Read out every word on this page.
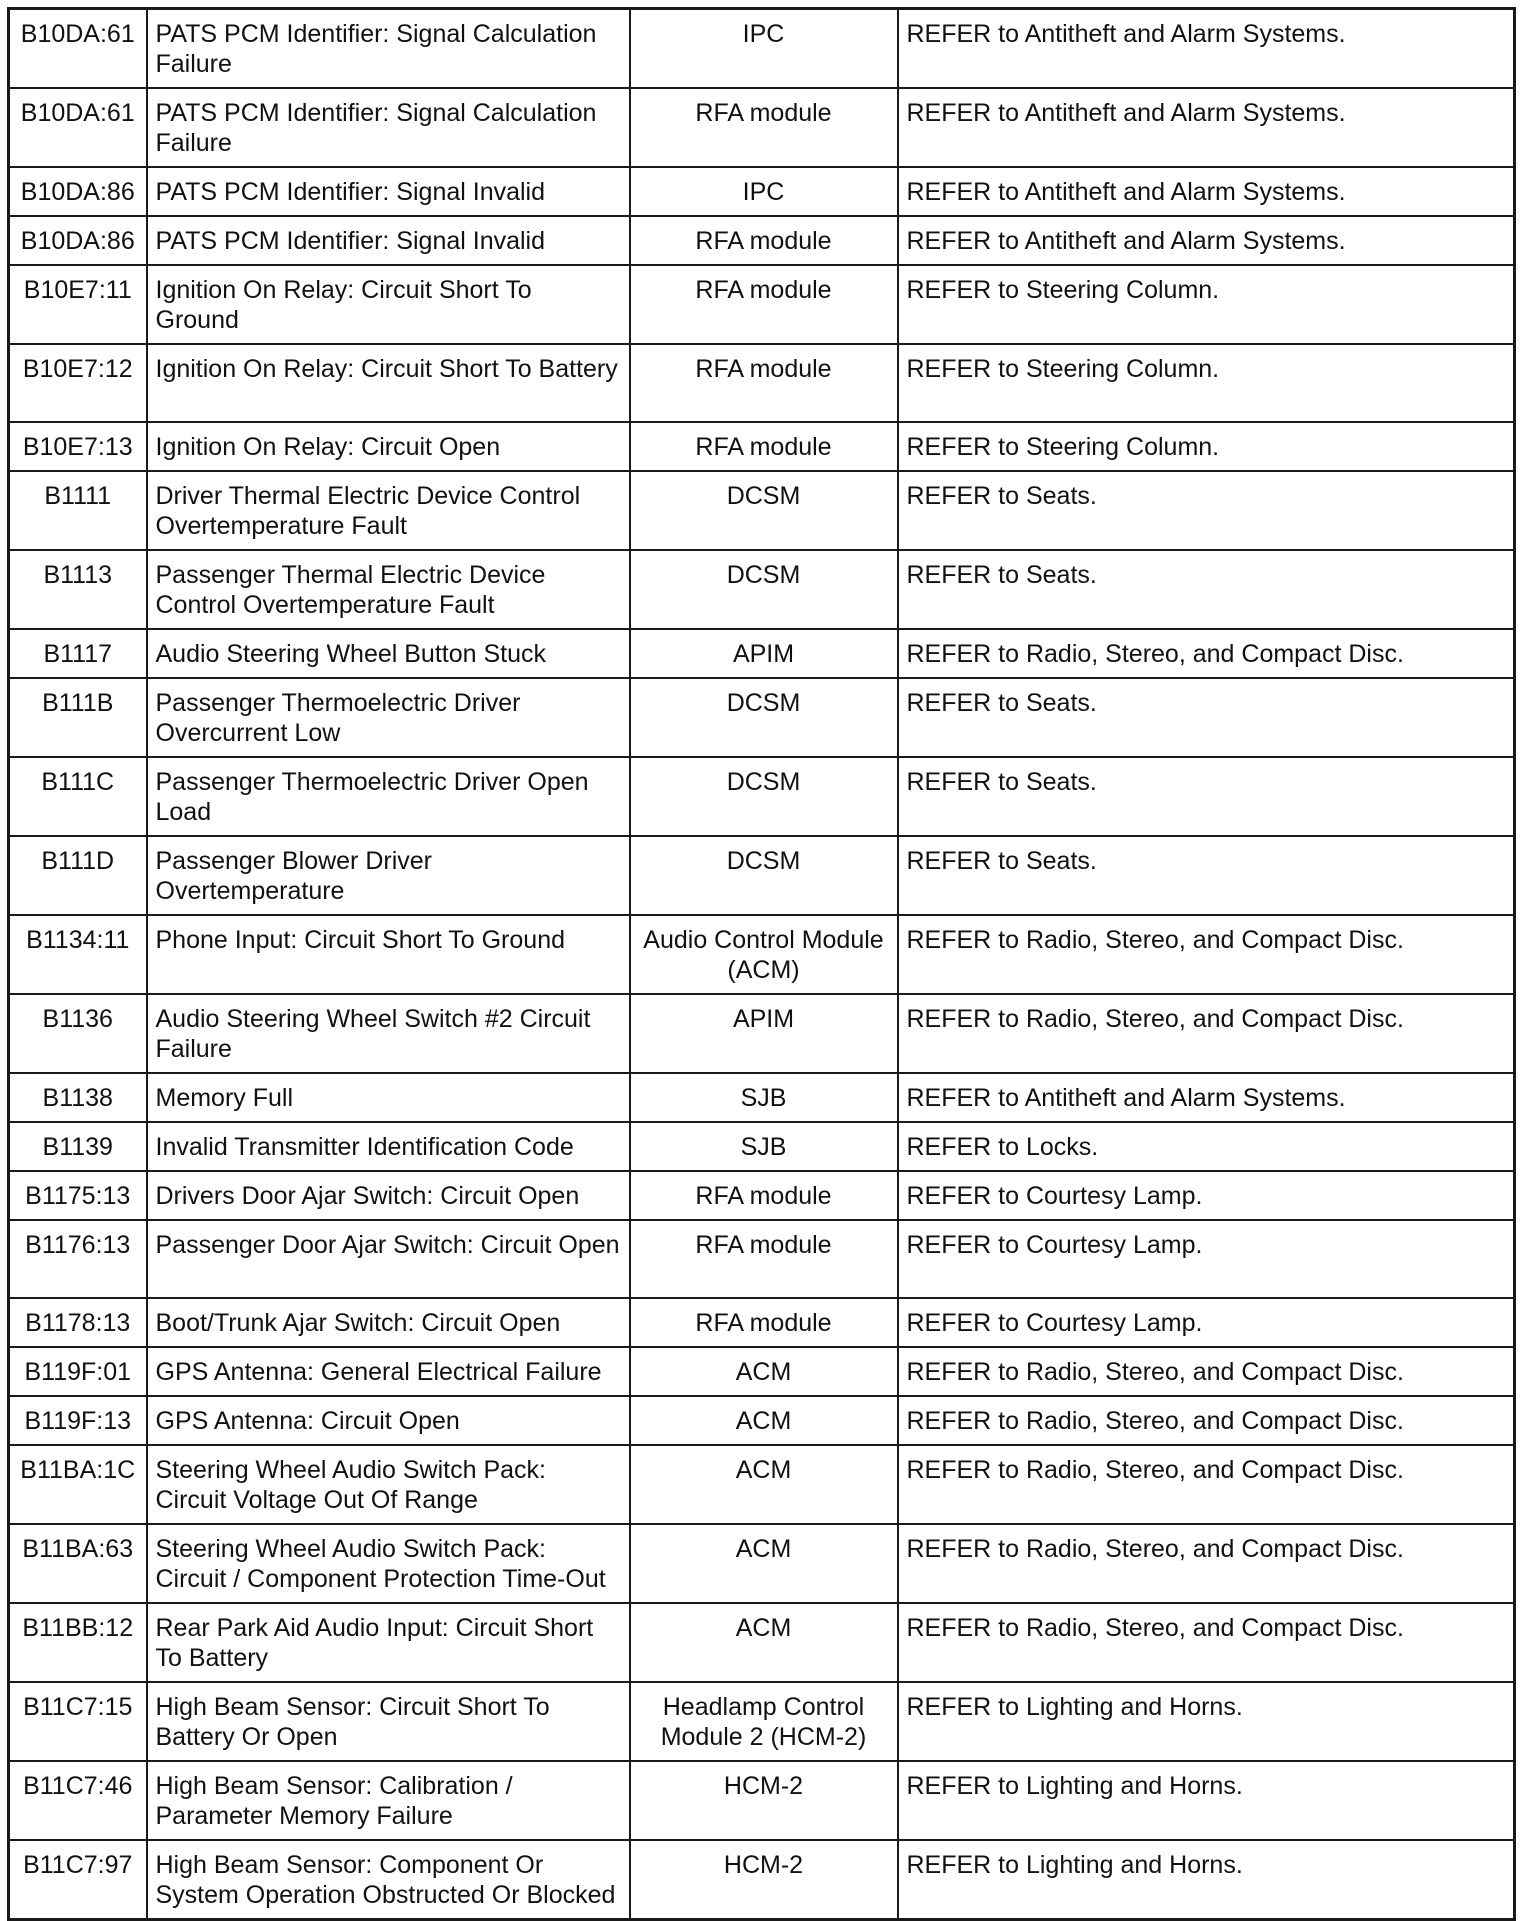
B10DA:61	PATS PCM Identifier: Signal Calculation Failure	IPC	REFER to Antitheft and Alarm Systems.
B10DA:61	PATS PCM Identifier: Signal Calculation Failure	RFA module	REFER to Antitheft and Alarm Systems.
B10DA:86	PATS PCM Identifier: Signal Invalid	IPC	REFER to Antitheft and Alarm Systems.
B10DA:86	PATS PCM Identifier: Signal Invalid	RFA module	REFER to Antitheft and Alarm Systems.
B10E7:11	Ignition On Relay: Circuit Short To Ground	RFA module	REFER to Steering Column.
B10E7:12	Ignition On Relay: Circuit Short To Battery	RFA module	REFER to Steering Column.
B10E7:13	Ignition On Relay: Circuit Open	RFA module	REFER to Steering Column.
B1111	Driver Thermal Electric Device Control Overtemperature Fault	DCSM	REFER to Seats.
B1113	Passenger Thermal Electric Device Control Overtemperature Fault	DCSM	REFER to Seats.
B1117	Audio Steering Wheel Button Stuck	APIM	REFER to Radio, Stereo, and Compact Disc.
B111B	Passenger Thermoelectric Driver Overcurrent Low	DCSM	REFER to Seats.
B111C	Passenger Thermoelectric Driver Open Load	DCSM	REFER to Seats.
B111D	Passenger Blower Driver Overtemperature	DCSM	REFER to Seats.
B1134:11	Phone Input: Circuit Short To Ground	Audio Control Module (ACM)	REFER to Radio, Stereo, and Compact Disc.
B1136	Audio Steering Wheel Switch #2 Circuit Failure	APIM	REFER to Radio, Stereo, and Compact Disc.
B1138	Memory Full	SJB	REFER to Antitheft and Alarm Systems.
B1139	Invalid Transmitter Identification Code	SJB	REFER to Locks.
B1175:13	Drivers Door Ajar Switch: Circuit Open	RFA module	REFER to Courtesy Lamp.
B1176:13	Passenger Door Ajar Switch: Circuit Open	RFA module	REFER to Courtesy Lamp.
B1178:13	Boot/Trunk Ajar Switch: Circuit Open	RFA module	REFER to Courtesy Lamp.
B119F:01	GPS Antenna: General Electrical Failure	ACM	REFER to Radio, Stereo, and Compact Disc.
B119F:13	GPS Antenna: Circuit Open	ACM	REFER to Radio, Stereo, and Compact Disc.
B11BA:1C	Steering Wheel Audio Switch Pack: Circuit Voltage Out Of Range	ACM	REFER to Radio, Stereo, and Compact Disc.
B11BA:63	Steering Wheel Audio Switch Pack: Circuit / Component Protection Time-Out	ACM	REFER to Radio, Stereo, and Compact Disc.
B11BB:12	Rear Park Aid Audio Input: Circuit Short To Battery	ACM	REFER to Radio, Stereo, and Compact Disc.
B11C7:15	High Beam Sensor: Circuit Short To Battery Or Open	Headlamp Control Module 2 (HCM-2)	REFER to Lighting and Horns.
B11C7:46	High Beam Sensor: Calibration / Parameter Memory Failure	HCM-2	REFER to Lighting and Horns.
B11C7:97	High Beam Sensor: Component Or System Operation Obstructed Or Blocked	HCM-2	REFER to Lighting and Horns.
